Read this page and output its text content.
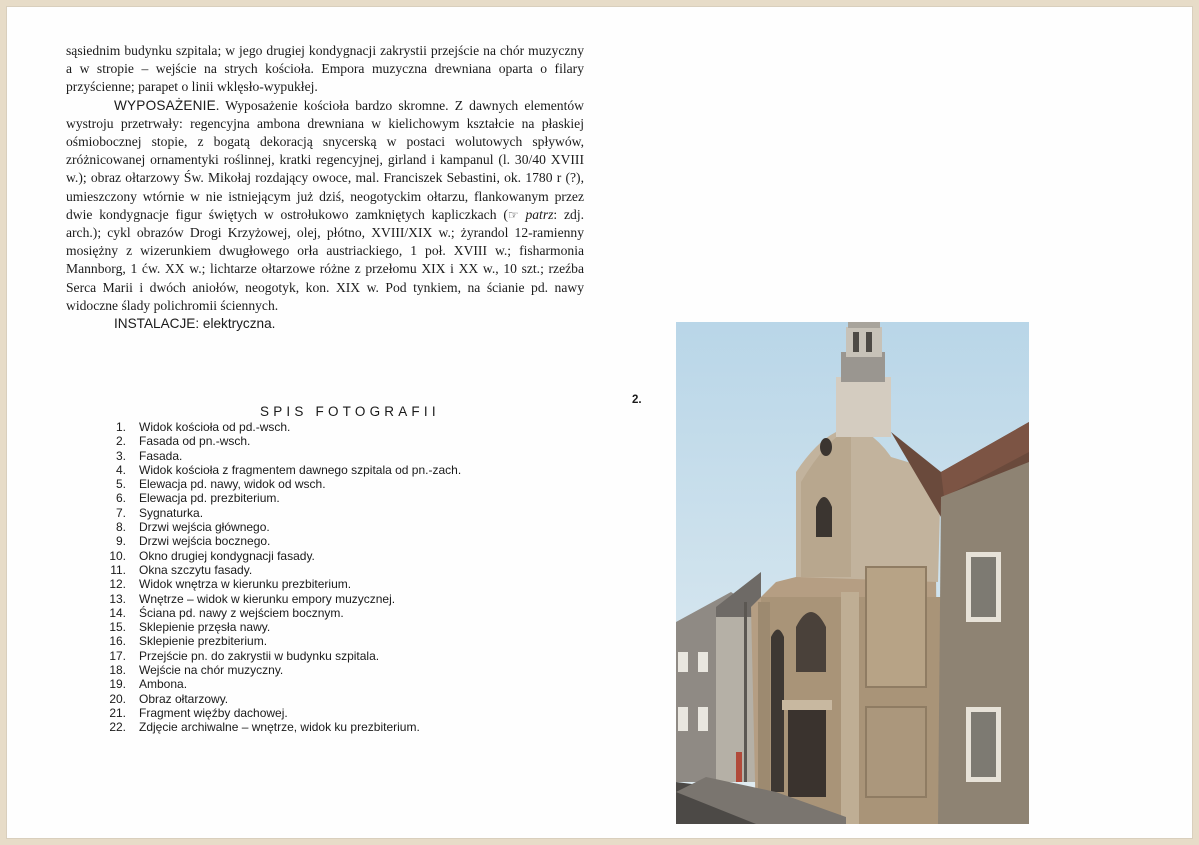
sąsiednim budynku szpitala; w jego drugiej kondygnacji zakrystii przejście na chór muzyczny a w stropie – wejście na strych kościoła. Empora muzyczna drewniana oparta o filary przyścienne; parapet o linii wklęsło-wypukłej.

WYPOSAŻENIE. Wyposażenie kościoła bardzo skromne. Z dawnych elementów wystroju przetrwały: regencyjna ambona drewniana w kielichowym kształcie na płaskiej ośmiobocznej stopie, z bogatą dekoracją snycerską w postaci wolutowych spływów, zróżnicowanej ornamentyki roślinnej, kratki regencyjnej, girland i kampanul (l. 30/40 XVIII w.); obraz ołtarzowy Św. Mikołaj rozdający owoce, mal. Franciszek Sebastini, ok. 1780 r (?), umieszczony wtórnie w nie istniejącym już dziś, neogotyckim ołtarzu, flankowanym przez dwie kondygnacje figur świętych w ostrołukowo zamkniętych kapliczkach (☞ patrz: zdj. arch.); cykl obrazów Drogi Krzyżowej, olej, płótno, XVIII/XIX w.; żyrandol 12-ramienny mosiężny z wizerunkiem dwugłowego orła austriackiego, 1 poł. XVIII w.; fisharmonia Mannborg, 1 ćw. XX w.; lichtarze ołtarzowe różne z przełomu XIX i XX w., 10 szt.; rzeźba Serca Marii i dwóch aniołów, neogotyk, kon. XIX w. Pod tynkiem, na ścianie pd. nawy widoczne ślady polichromii ściennych.

INSTALACJE: elektryczna.

SPIS FOTOGRAFII
1. Widok kościoła od pd.-wsch.
2. Fasada od pn.-wsch.
3. Fasada.
4. Widok kościoła z fragmentem dawnego szpitala od pn.-zach.
5. Elewacja pd. nawy, widok od wsch.
6. Elewacja pd. prezbiterium.
7. Sygnaturka.
8. Drzwi wejścia głównego.
9. Drzwi wejścia bocznego.
10. Okno drugiej kondygnacji fasady.
11. Okna szczytu fasady.
12. Widok wnętrza w kierunku prezbiterium.
13. Wnętrze – widok w kierunku empory muzycznej.
14. Ściana pd. nawy z wejściem bocznym.
15. Sklepienie przęsła nawy.
16. Sklepienie prezbiterium.
17. Przejście pn. do zakrystii w budynku szpitala.
18. Wejście na chór muzyczny.
19. Ambona.
20. Obraz ołtarzowy.
21. Fragment więźby dachowej.
22. Zdjęcie archiwalne – wnętrze, widok ku prezbiterium.
2.
